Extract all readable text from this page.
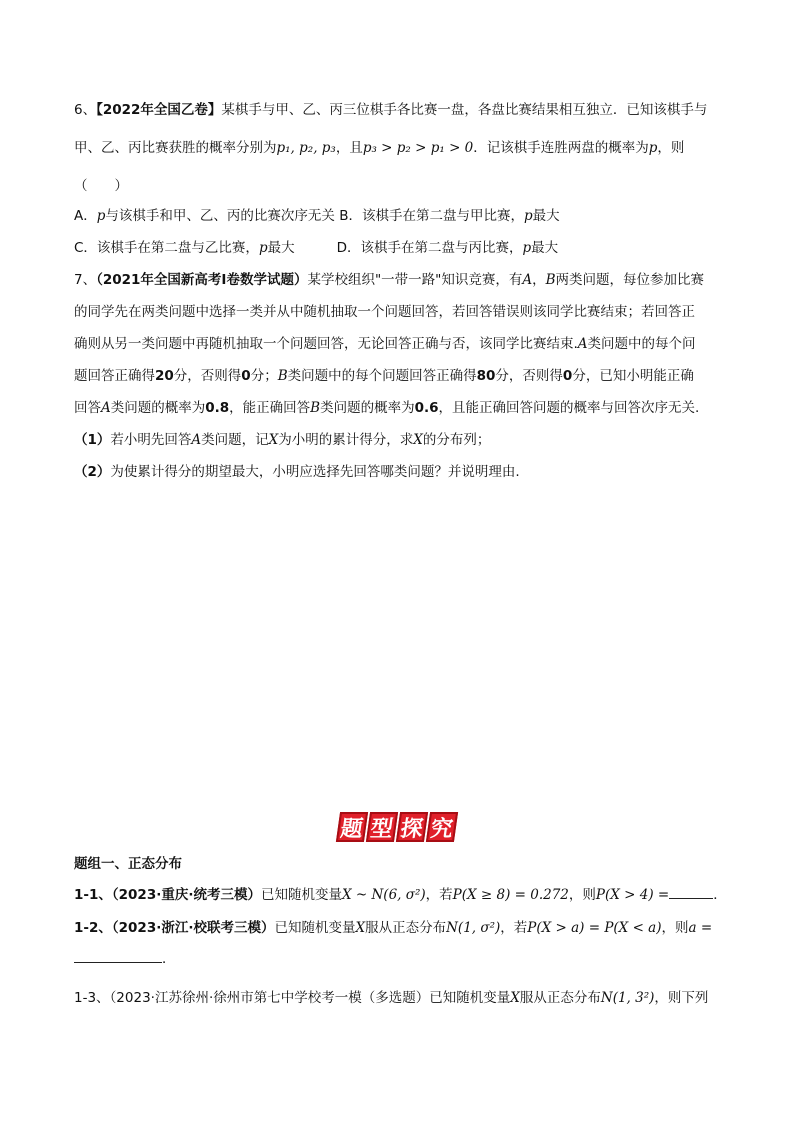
6、【2022年全国乙卷】某棋手与甲、乙、丙三位棋手各比赛一盘，各盘比赛结果相互独立．已知该棋手与
甲、乙、丙比赛获胜的概率分别为p₁, p₂, p₃，且p₃ > p₂ > p₁ > 0．记该棋手连胜两盘的概率为p，则
（　　）
A．p与该棋手和甲、乙、丙的比赛次序无关 B．该棋手在第二盘与甲比赛，p最大
C．该棋手在第二盘与乙比赛，p最大	D．该棋手在第二盘与丙比赛，p最大
7、（2021年全国新高考Ⅰ卷数学试题）某学校组织"一带一路"知识竞赛，有A，B两类问题，每位参加比赛
的同学先在两类问题中选择一类并从中随机抽取一个问题回答，若回答错误则该同学比赛结束；若回答正
确则从另一类问题中再随机抽取一个问题回答，无论回答正确与否，该同学比赛结束.A类问题中的每个问
题回答正确得20分，否则得0分；B类问题中的每个问题回答正确得80分，否则得0分，已知小明能正确
回答A类问题的概率为0.8，能正确回答B类问题的概率为0.6，且能正确回答问题的概率与回答次序无关.
（1）若小明先回答A类问题，记X为小明的累计得分，求X的分布列；
（2）为使累计得分的期望最大，小明应选择先回答哪类问题？并说明理由.
题 型 探 究
题组一、正态分布
1-1、（2023·重庆·统考三模）已知随机变量X ~ N(6, σ²)，若P(X ≥ 8) = 0.272，则P(X > 4) =	．
1-2、（2023·浙江·校联考三模）已知随机变量X服从正态分布N(1, σ²)，若P(X > a) = P(X < a)，则a =
．
1-3、（2023·江苏徐州·徐州市第七中学校考一模（多选题）已知随机变量X服从正态分布N(1, 3²)，则下列
